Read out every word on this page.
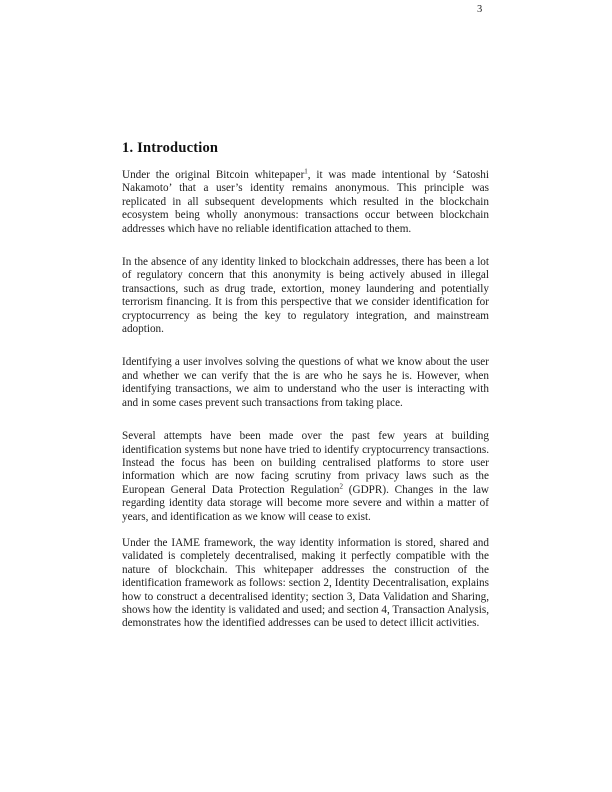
3
1. Introduction

Under the original Bitcoin whitepaper$^1$, it was made intentional by ‘Satoshi Nakamoto’ that a user’s identity remains anonymous. This principle was replicated in all subsequent developments which resulted in the blockchain ecosystem being wholly anonymous: transactions occur between blockchain addresses which have no reliable identification attached to them.

In the absence of any identity linked to blockchain addresses, there has been a lot of regulatory concern that this anonymity is being actively abused in illegal transactions, such as drug trade, extortion, money laundering and potentially terrorism financing. It is from this perspective that we consider identification for cryptocurrency as being the key to regulatory integration, and mainstream adoption.

Identifying a user involves solving the questions of what we know about the user and whether we can verify that the is are who he says he is. However, when identifying transactions, we aim to understand who the user is interacting with and in some cases prevent such transactions from taking place.

Several attempts have been made over the past few years at building identification systems but none have tried to identify cryptocurrency transactions. Instead the focus has been on building centralised platforms to store user information which are now facing scrutiny from privacy laws such as the European General Data Protection Regulation$^2$ (GDPR). Changes in the law regarding identity data storage will become more severe and within a matter of years, and identification as we know will cease to exist.

Under the IAME framework, the way identity information is stored, shared and validated is completely decentralised, making it perfectly compatible with the nature of blockchain. This whitepaper addresses the construction of the identification framework as follows: section 2, Identity Decentralisation, explains how to construct a decentralised identity; section 3, Data Validation and Sharing, shows how the identity is validated and used; and section 4, Transaction Analysis, demonstrates how the identified addresses can be used to detect illicit activities.
